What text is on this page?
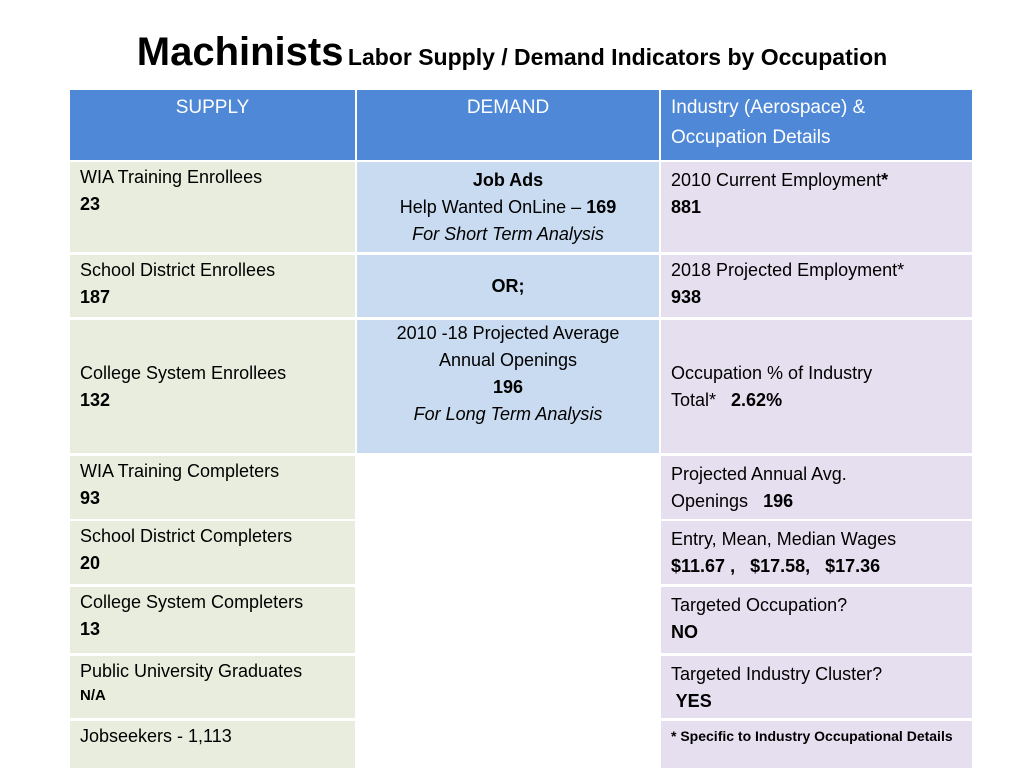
Machinists Labor Supply / Demand Indicators by Occupation
SUPPLY	DEMAND	Industry (Aerospace) & Occupation Details
WIA Training Enrollees
23
School District Enrollees
187
College System Enrollees
132
WIA Training Completers
93
School District Completers
20
College System Completers
13
Public University Graduates
N/A
Jobseekers - 1,113
Job Ads
Help Wanted OnLine – 169
For Short Term Analysis
OR;
2010 -18 Projected Average
Annual Openings
196
For Long Term Analysis
2010 Current Employment*
881
2018 Projected Employment*
938
Occupation % of Industry
Total*   2.62%
Projected Annual Avg.
Openings   196
Entry, Mean, Median Wages
$11.67 ,   $17.58,   $17.36
Targeted Occupation?
NO
Targeted Industry Cluster?
YES
* Specific to Industry Occupational Details
